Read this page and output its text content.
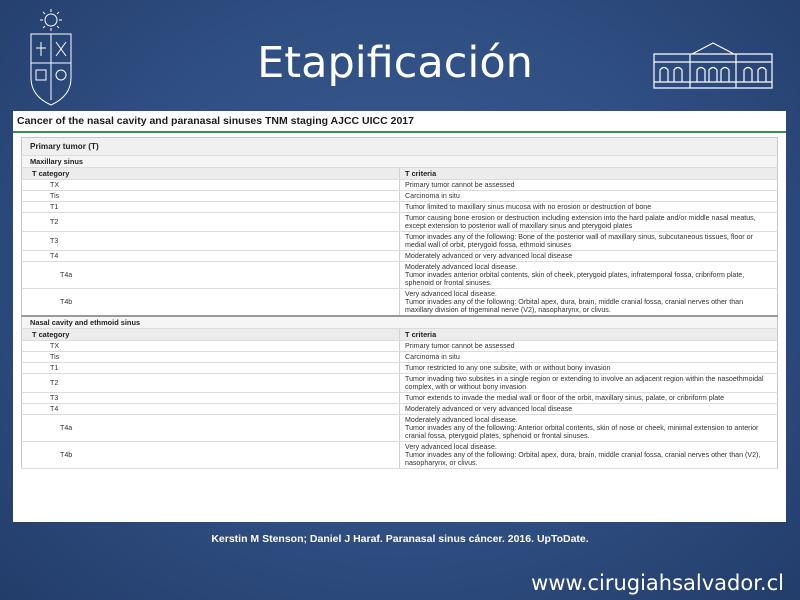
Etapificación
Cancer of the nasal cavity and paranasal sinuses TNM staging AJCC UICC 2017
Primary tumor (T)	
Maxillary sinus	
T category	T criteria
TX	Primary tumor cannot be assessed

Tis	Carcinoma in situ

T1	Tumor limited to maxillary sinus mucosa with no erosion or destruction of bone

T2	Tumor causing bone erosion or destruction including extension into the hard palate and/or middle nasal meatus, except extension to posterior wall of maxillary sinus and pterygoid plates

T3	Tumor invades any of the following: Bone of the posterior wall of maxillary sinus, subcutaneous tissues, floor or medial wall of orbit, pterygoid fossa, ethmoid sinuses

T4	Moderately advanced or very advanced local disease

T4a	Moderately advanced local disease.
Tumor invades anterior orbital contents, skin of cheek, pterygoid plates, infratemporal fossa, cribriform plate, sphenoid or frontal sinuses.

T4b	Very advanced local disease.
Tumor invades any of the following: Orbital apex, dura, brain, middle cranial fossa, cranial nerves other than maxillary division of trigeminal nerve (V2), nasopharynx, or clivus.

Nasal cavity and ethmoid sinus	
T category	T criteria
TX	Primary tumor cannot be assessed

Tis	Carcinoma in situ

T1	Tumor restricted to any one subsite, with or without bony invasion

T2	Tumor invading two subsites in a single region or extending to involve an adjacent region within the nasoethmoidal complex, with or without bony invasion

T3	Tumor extends to invade the medial wall or floor of the orbit, maxillary sinus, palate, or cribriform plate

T4	Moderately advanced or very advanced local disease

T4a	Moderately advanced local disease.
Tumor invades any of the following: Anterior orbital contents, skin of nose or cheek, minimal extension to anterior cranial fossa, pterygoid plates, sphenoid or frontal sinuses.

T4b	Very advanced local disease.
Tumor invades any of the following: Orbital apex, dura, brain, middle cranial fossa, cranial nerves other than (V2), nasopharynx, or clivus.
Kerstin M Stenson; Daniel J Haraf. Paranasal sinus cáncer. 2016. UpToDate.
www.cirugiahsalvador.cl
